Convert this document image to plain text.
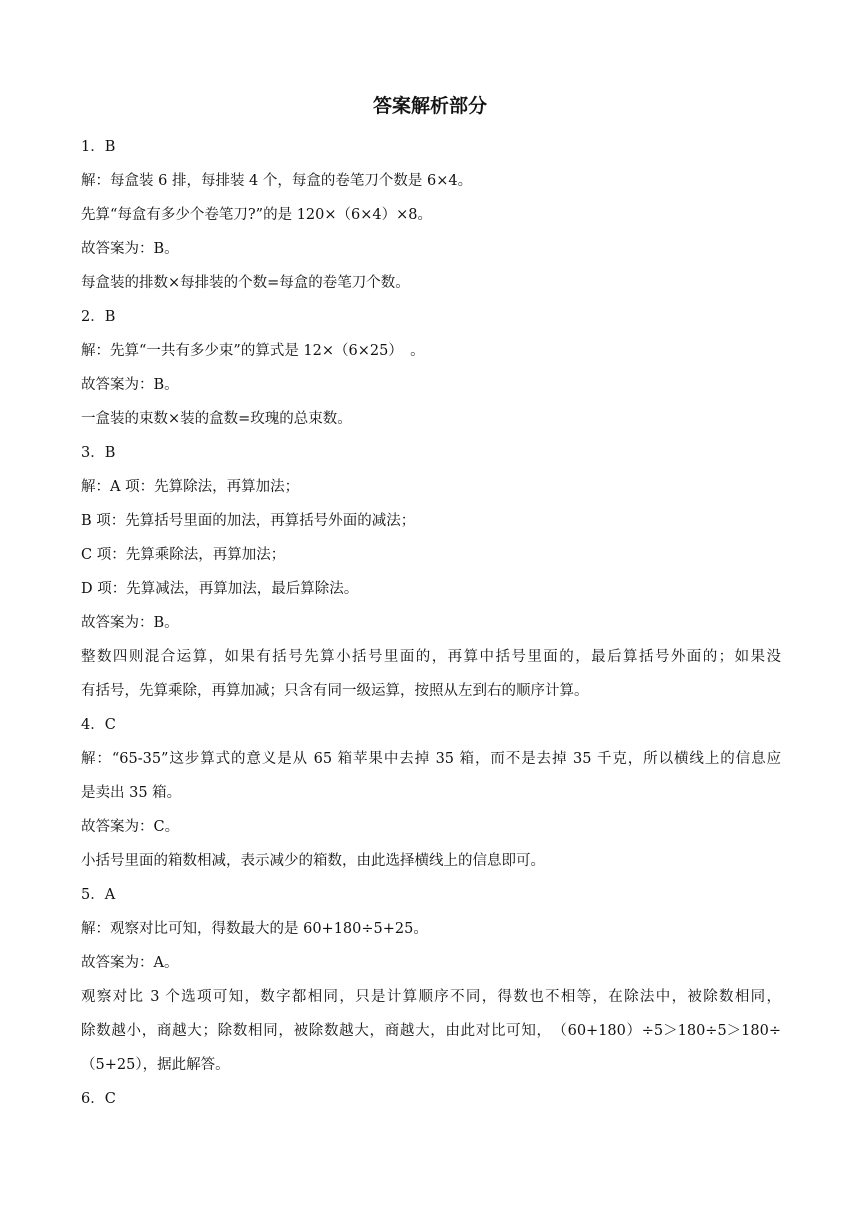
答案解析部分
1．B
解：每盒装 6 排，每排装 4 个，每盒的卷笔刀个数是 6×4。
先算“每盒有多少个卷笔刀?”的是 120×（6×4）×8。
故答案为：B。
每盒装的排数×每排装的个数=每盒的卷笔刀个数。
2．B
解：先算“一共有多少束”的算式是 12×（6×25）　。
故答案为：B。
一盒装的束数×装的盒数=玫瑰的总束数。
3．B
解：A 项：先算除法，再算加法；
B 项：先算括号里面的加法，再算括号外面的减法；
C 项：先算乘除法，再算加法；
D 项：先算减法，再算加法，最后算除法。
故答案为：B。
整数四则混合运算，如果有括号先算小括号里面的，再算中括号里面的，最后算括号外面的；如果没
有括号，先算乘除，再算加减；只含有同一级运算，按照从左到右的顺序计算。
4．C
解：“65-35”这步算式的意义是从 65 箱苹果中去掉 35 箱，而不是去掉 35 千克，所以横线上的信息应
是卖出 35 箱。
故答案为：C。
小括号里面的箱数相减，表示减少的箱数，由此选择横线上的信息即可。
5．A
解：观察对比可知，得数最大的是 60+180÷5+25。
故答案为：A。
观察对比 3 个选项可知，数字都相同，只是计算顺序不同，得数也不相等，在除法中，被除数相同，
除数越小，商越大；除数相同，被除数越大，商越大，由此对比可知，　（60+180）÷5＞180÷5＞180÷
（5+25），据此解答。
6．C
